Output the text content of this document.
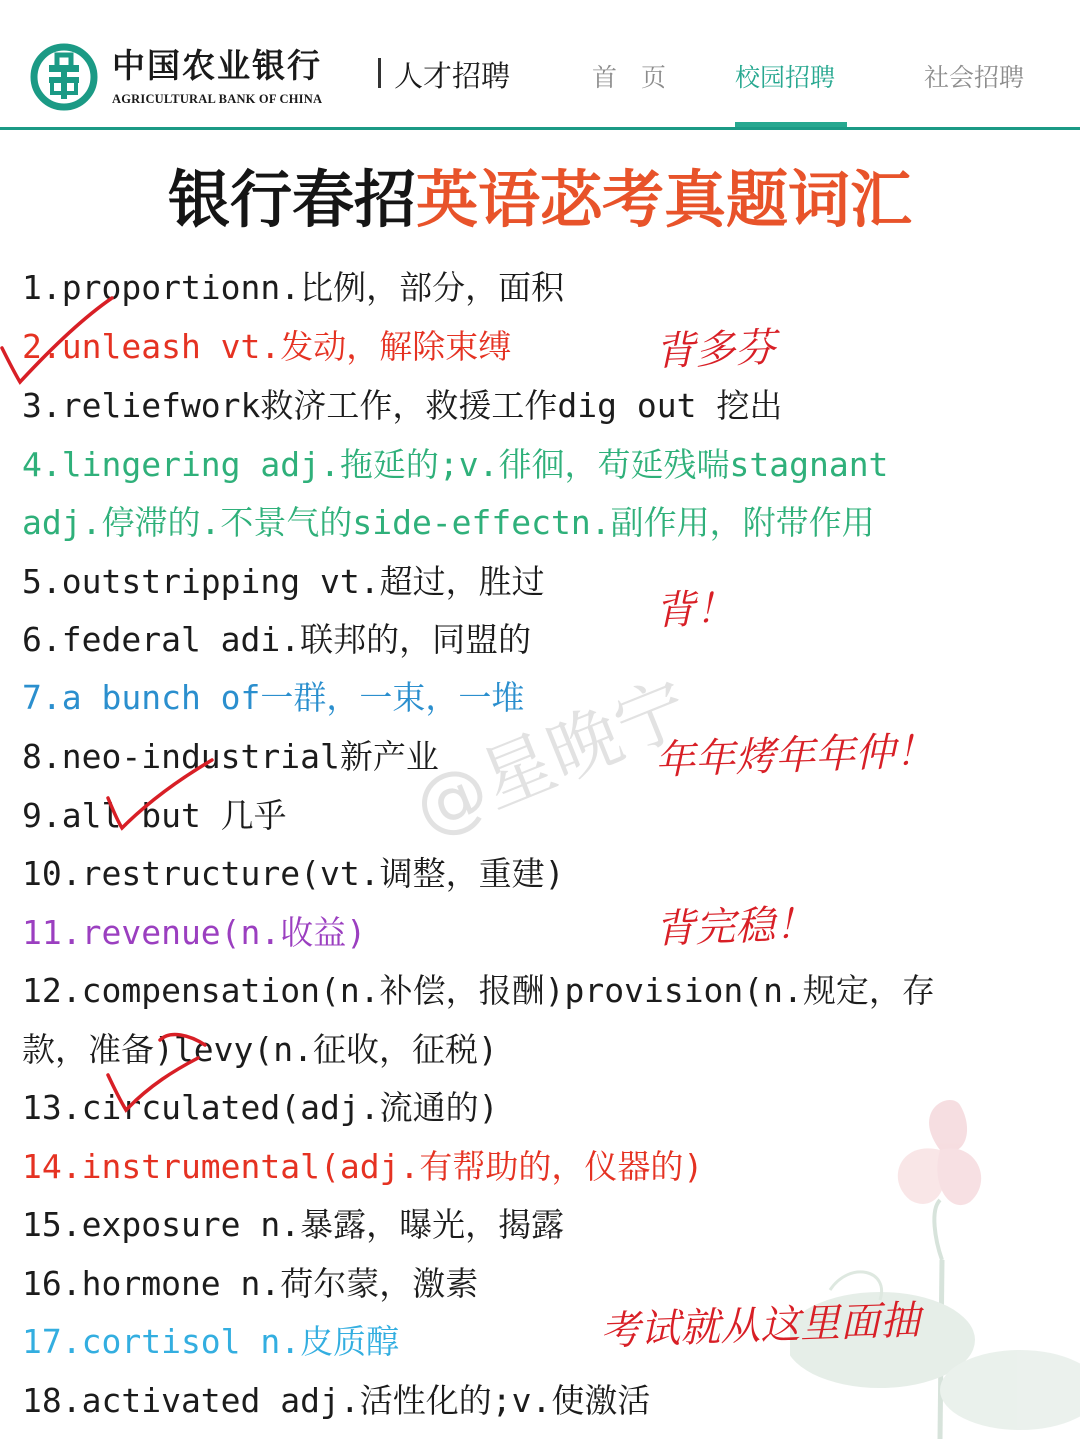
中国农业银行
AGRICULTURAL BANK OF CHINA
人才招聘	首 页 校园招聘	社会招聘
银行春招英语苾考真题词汇
1.proportionn.比例，部分，面积
2.unleash vt.发动，解除束缚
3.reliefwork救济工作，救援工作dig out 挖出
4.lingering adj.拖延的;v.徘徊，苟延残喘stagnant
adj.停滞的.不景气的side-effectn.副作用，附带作用
5.outstripping vt.超过，胜过
6.federal adi.联邦的，同盟的
7.a bunch of一群，一束，一堆
8.neo-industrial新产业
9.all but 几乎
10.restructure(vt.调整，重建)
11.revenue(n.收益)
12.compensation(n.补偿，报酬)provision(n.规定，存
款，准备)levy(n.征收，征税)
13.circulated(adj.流通的)
14.instrumental(adj.有帮助的，仪器的)
15.exposure n.暴露，曝光，揭露
16.hormone n.荷尔蒙，激素
17.cortisol n.皮质醇
18.activated adj.活性化的;v.使激活
@星晚宁
背多芬
背！
年年烤年年仲！
背完稳！
考试就从这里面抽
